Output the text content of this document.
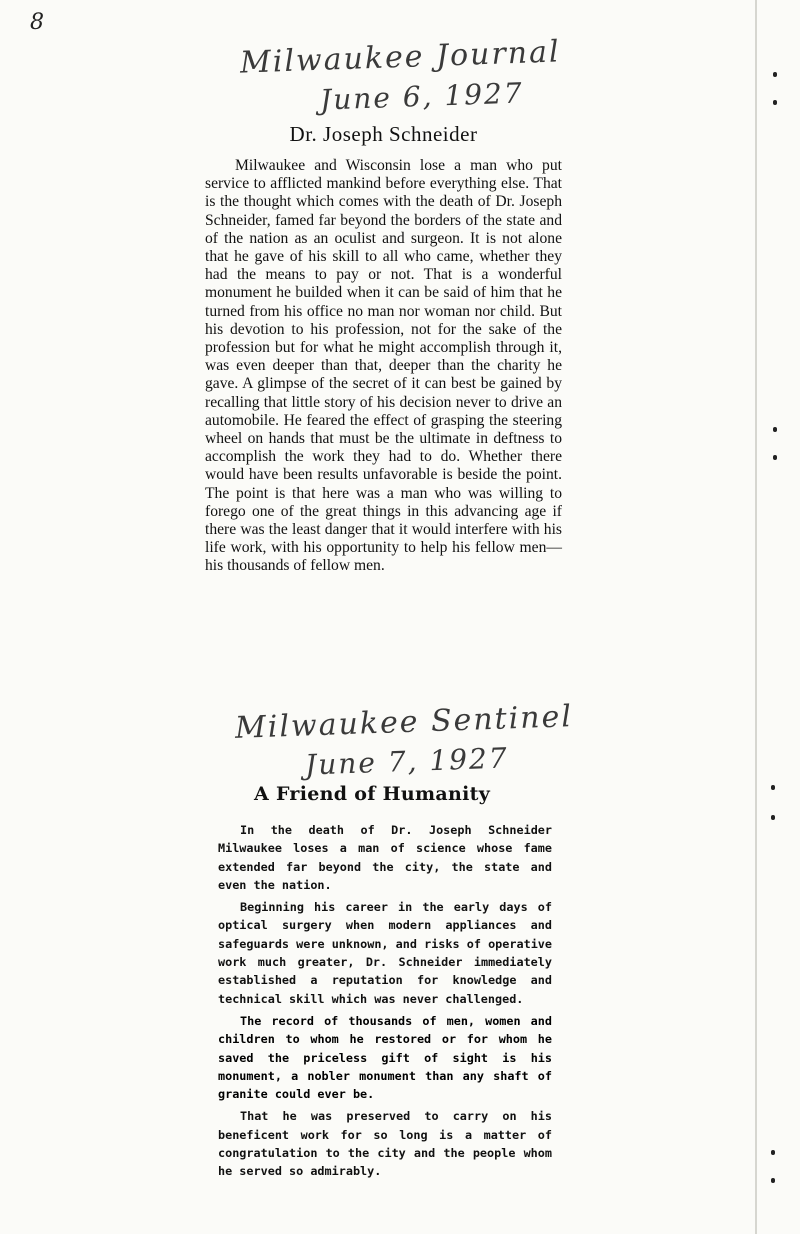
8
Milwaukee Journal
June 6, 1927
Dr. Joseph Schneider

Milwaukee and Wisconsin lose a man who put service to afflicted mankind before everything else. That is the thought which comes with the death of Dr. Joseph Schneider, famed far beyond the borders of the state and of the nation as an oculist and surgeon. It is not alone that he gave of his skill to all who came, whether they had the means to pay or not. That is a wonderful monument he builded when it can be said of him that he turned from his office no man nor woman nor child. But his devotion to his profession, not for the sake of the profession but for what he might accomplish through it, was even deeper than that, deeper than the charity he gave. A glimpse of the secret of it can best be gained by recalling that little story of his decision never to drive an automobile. He feared the effect of grasping the steering wheel on hands that must be the ultimate in deftness to accomplish the work they had to do. Whether there would have been results unfavorable is beside the point. The point is that here was a man who was willing to forego one of the great things in this advancing age if there was the least danger that it would interfere with his life work, with his opportunity to help his fellow men—his thousands of fellow men.

Milwaukee Sentinel
June 7, 1927
A Friend of Humanity

In the death of Dr. Joseph Schneider Milwaukee loses a man of science whose fame extended far beyond the city, the state and even the nation.

Beginning his career in the early days of optical surgery when modern appliances and safeguards were unknown, and risks of operative work much greater, Dr. Schneider immediately established a reputation for knowledge and technical skill which was never challenged.

The record of thousands of men, women and children to whom he restored or for whom he saved the priceless gift of sight is his monument, a nobler monument than any shaft of granite could ever be.

That he was preserved to carry on his beneficent work for so long is a matter of congratulation to the city and the people whom he served so admirably.
